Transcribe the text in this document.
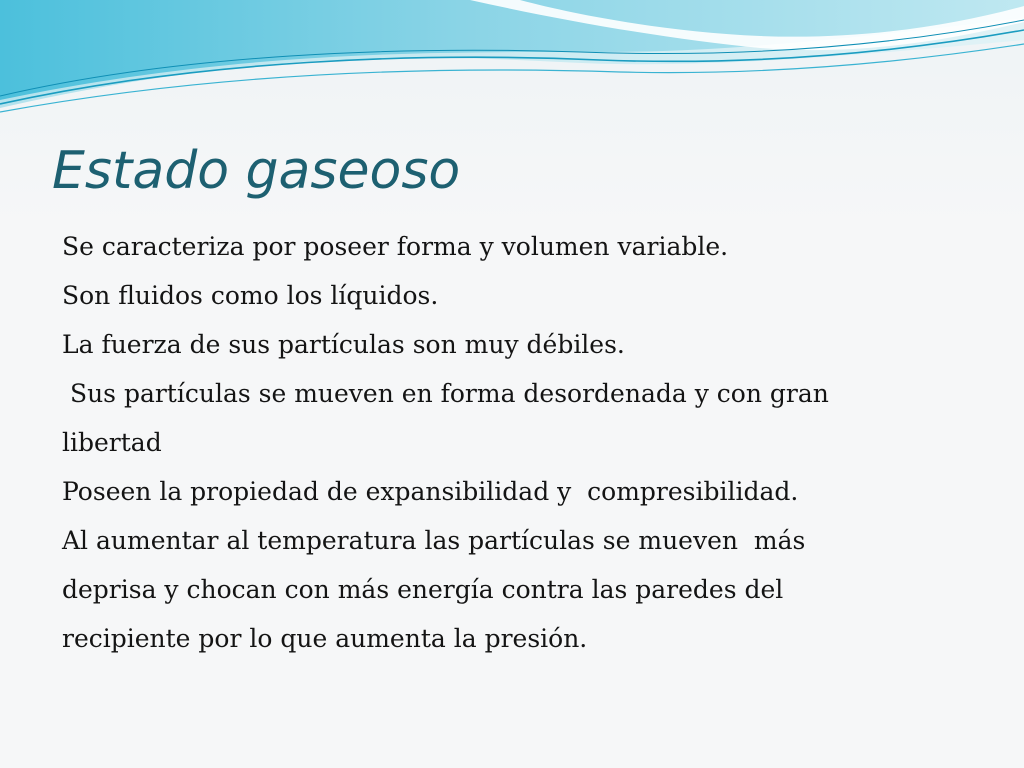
Estado gaseoso
Se caracteriza por poseer forma y volumen variable.
Son fluidos como los líquidos.
La fuerza de sus partículas son muy débiles.
Sus partículas se mueven en forma desordenada y con gran
libertad
Poseen la propiedad de expansibilidad y  compresibilidad.
Al aumentar al temperatura las partículas se mueven  más
deprisa y chocan con más energía contra las paredes del
recipiente por lo que aumenta la presión.
